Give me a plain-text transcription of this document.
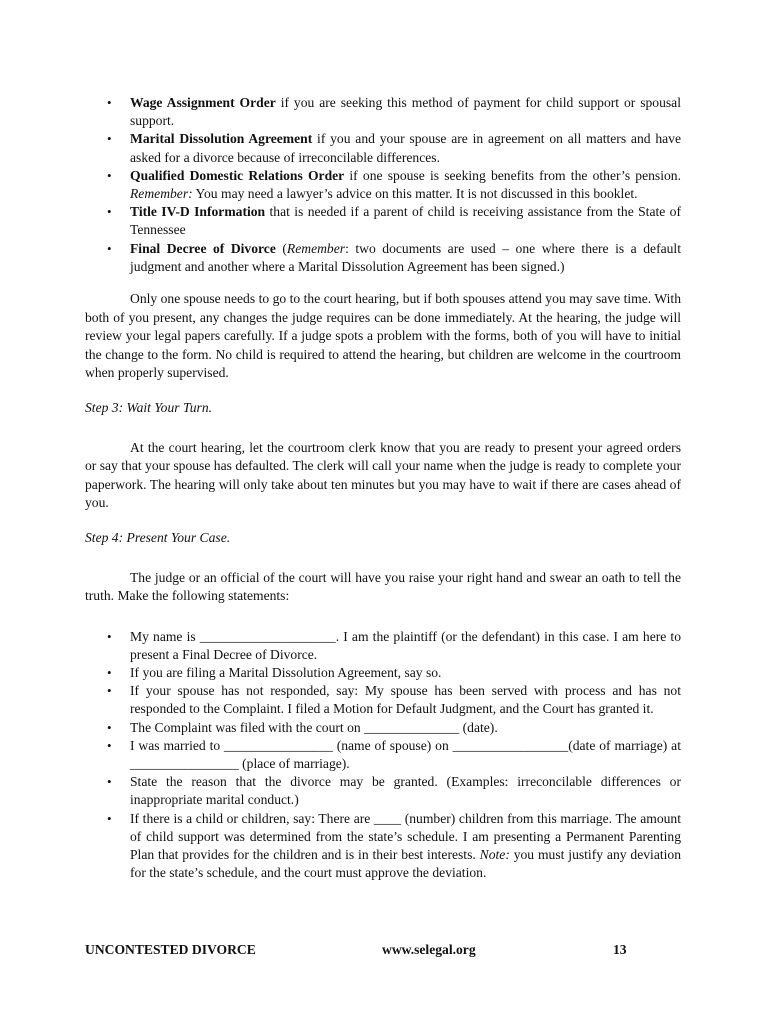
• Wage Assignment Order if you are seeking this method of payment for child support or spousal support.
• Marital Dissolution Agreement if you and your spouse are in agreement on all matters and have asked for a divorce because of irreconcilable differences.
• Qualified Domestic Relations Order if one spouse is seeking benefits from the other’s pension. Remember: You may need a lawyer’s advice on this matter. It is not discussed in this booklet.
• Title IV-D Information that is needed if a parent of child is receiving assistance from the State of Tennessee
• Final Decree of Divorce (Remember: two documents are used – one where there is a default judgment and another where a Marital Dissolution Agreement has been signed.)

Only one spouse needs to go to the court hearing, but if both spouses attend you may save time. With both of you present, any changes the judge requires can be done immediately. At the hearing, the judge will review your legal papers carefully. If a judge spots a problem with the forms, both of you will have to initial the change to the form. No child is required to attend the hearing, but children are welcome in the courtroom when properly supervised.

Step 3: Wait Your Turn.

At the court hearing, let the courtroom clerk know that you are ready to present your agreed orders or say that your spouse has defaulted. The clerk will call your name when the judge is ready to complete your paperwork. The hearing will only take about ten minutes but you may have to wait if there are cases ahead of you.

Step 4: Present Your Case.

The judge or an official of the court will have you raise your right hand and swear an oath to tell the truth. Make the following statements:

• My name is ____________________. I am the plaintiff (or the defendant) in this case. I am here to present a Final Decree of Divorce.
• If you are filing a Marital Dissolution Agreement, say so.
• If your spouse has not responded, say: My spouse has been served with process and has not responded to the Complaint. I filed a Motion for Default Judgment, and the Court has granted it.
• The Complaint was filed with the court on ______________ (date).
• I was married to ________________ (name of spouse) on _________________(date of marriage) at ________________ (place of marriage).
• State the reason that the divorce may be granted. (Examples: irreconcilable differences or inappropriate marital conduct.)
• If there is a child or children, say: There are ____ (number) children from this marriage. The amount of child support was determined from the state’s schedule. I am presenting a Permanent Parenting Plan that provides for the children and is in their best interests. Note: you must justify any deviation for the state’s schedule, and the court must approve the deviation.
UNCONTESTED DIVORCE	www.selegal.org	13
